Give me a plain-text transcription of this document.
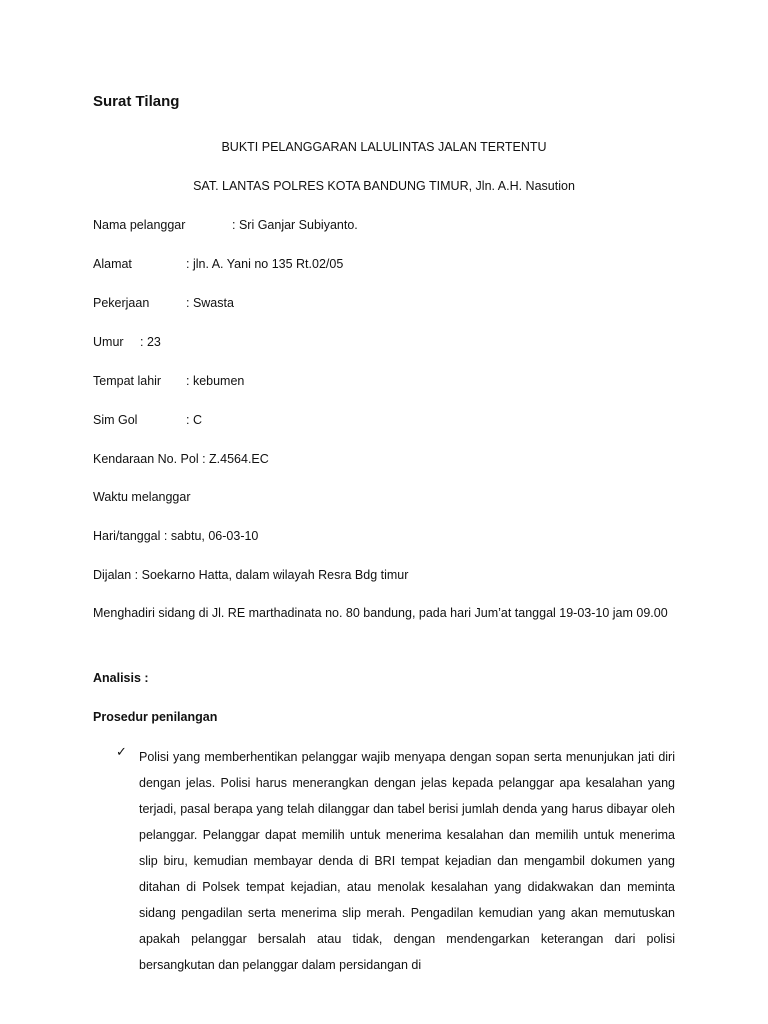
Surat Tilang
BUKTI PELANGGARAN LALULINTAS JALAN TERTENTU
SAT. LANTAS POLRES KOTA BANDUNG TIMUR, Jln. A.H. Nasution
Nama pelanggar	: Sri Ganjar Subiyanto.
Alamat	: jln. A. Yani no 135 Rt.02/05
Pekerjaan	: Swasta
Umur : 23
Tempat lahir : kebumen
Sim Gol	: C
Kendaraan No. Pol : Z.4564.EC
Waktu melanggar
Hari/tanggal : sabtu, 06-03-10
Dijalan : Soekarno Hatta, dalam wilayah Resra Bdg timur
Menghadiri sidang di Jl. RE marthadinata no. 80 bandung, pada hari Jum’at tanggal 19-03-10 jam 09.00
Analisis :
Prosedur penilangan
✓ Polisi yang memberhentikan pelanggar wajib menyapa dengan sopan serta menunjukan jati diri dengan jelas. Polisi harus menerangkan dengan jelas kepada pelanggar apa kesalahan yang terjadi, pasal berapa yang telah dilanggar dan tabel berisi jumlah denda yang harus dibayar oleh pelanggar. Pelanggar dapat memilih untuk menerima kesalahan dan memilih untuk menerima slip biru, kemudian membayar denda di BRI tempat kejadian dan mengambil dokumen yang ditahan di Polsek tempat kejadian, atau menolak kesalahan yang didakwakan dan meminta sidang pengadilan serta menerima slip merah. Pengadilan kemudian yang akan memutuskan apakah pelanggar bersalah atau tidak, dengan mendengarkan keterangan dari polisi bersangkutan dan pelanggar dalam persidangan di
